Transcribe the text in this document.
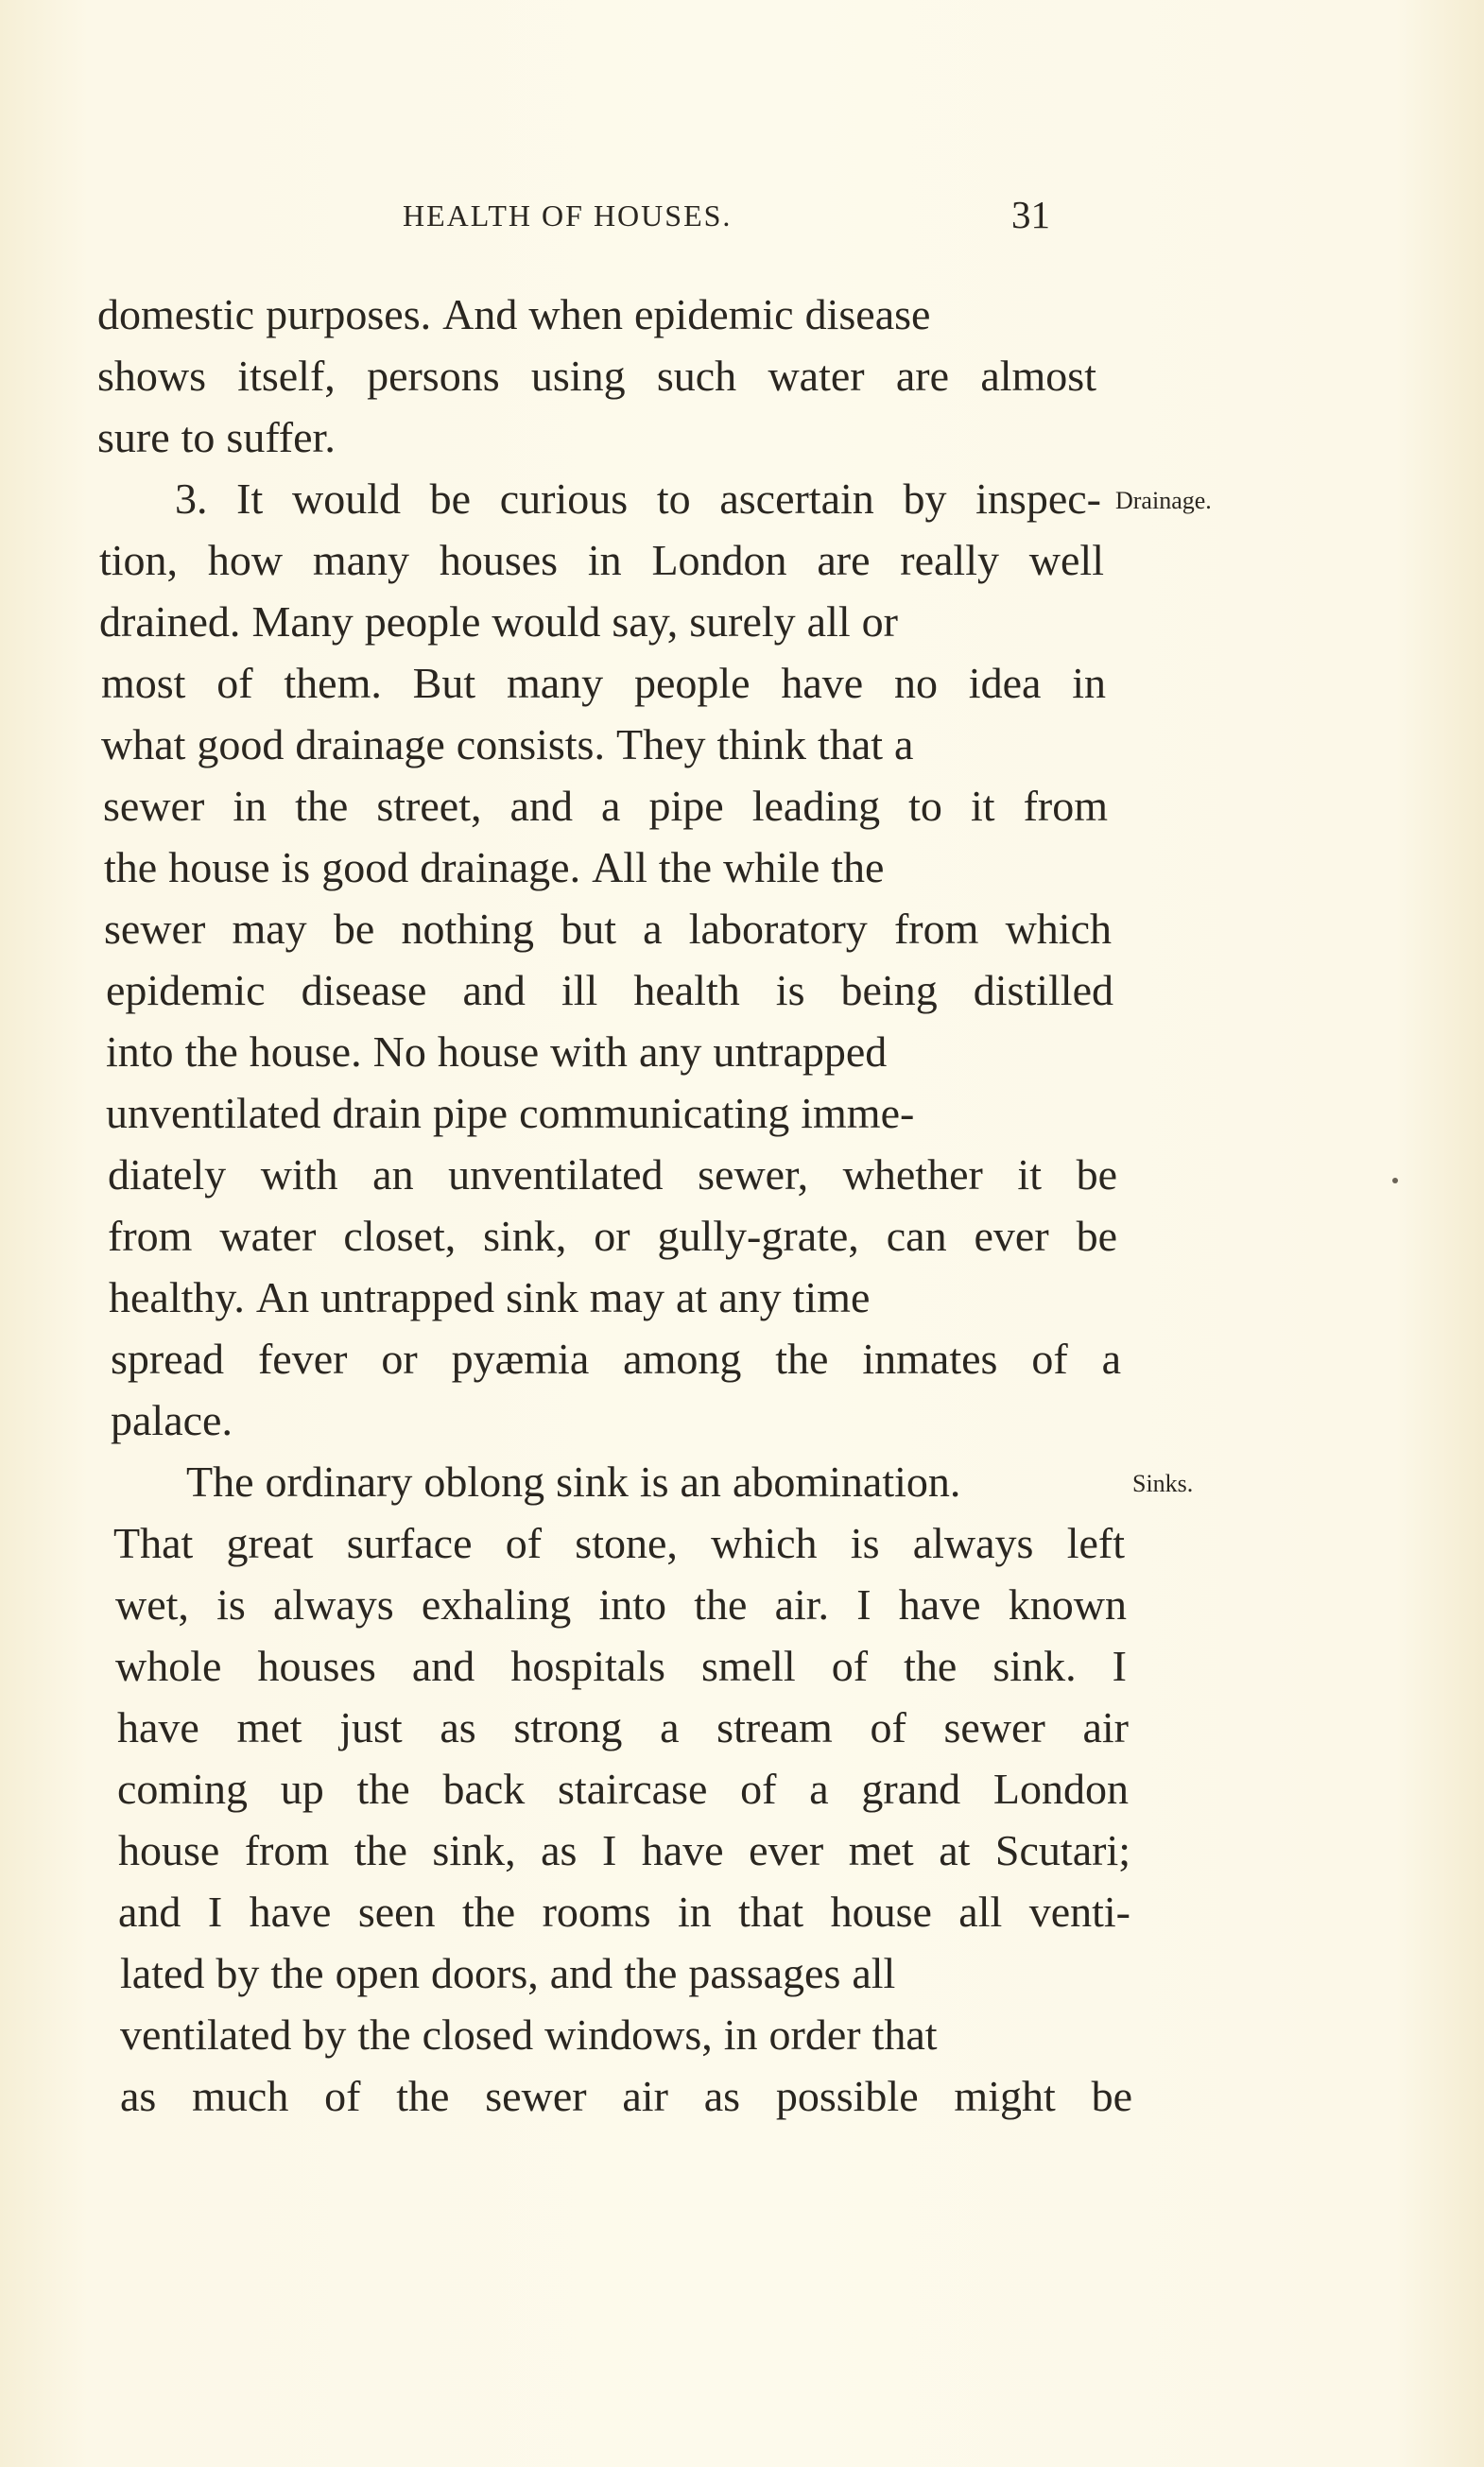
HEALTH OF HOUSES.	31
domestic purposes. And when epidemic disease
shows itself, persons using such water are almost
sure to suffer.
3. It would be curious to ascertain by inspec-
tion, how many houses in London are really well
drained. Many people would say, surely all or
most of them. But many people have no idea in
what good drainage consists. They think that a
sewer in the street, and a pipe leading to it from
the house is good drainage. All the while the
sewer may be nothing but a laboratory from which
epidemic disease and ill health is being distilled
into the house. No house with any untrapped
unventilated drain pipe communicating imme-
diately with an unventilated sewer, whether it be
from water closet, sink, or gully-grate, can ever be
healthy. An untrapped sink may at any time
spread fever or pyæmia among the inmates of a
palace.
The ordinary oblong sink is an abomination.
That great surface of stone, which is always left
wet, is always exhaling into the air. I have known
whole houses and hospitals smell of the sink. I
have met just as strong a stream of sewer air
coming up the back staircase of a grand London
house from the sink, as I have ever met at Scutari;
and I have seen the rooms in that house all venti-
lated by the open doors, and the passages all
ventilated by the closed windows, in order that
as much of the sewer air as possible might be
Drainage.
Sinks.
